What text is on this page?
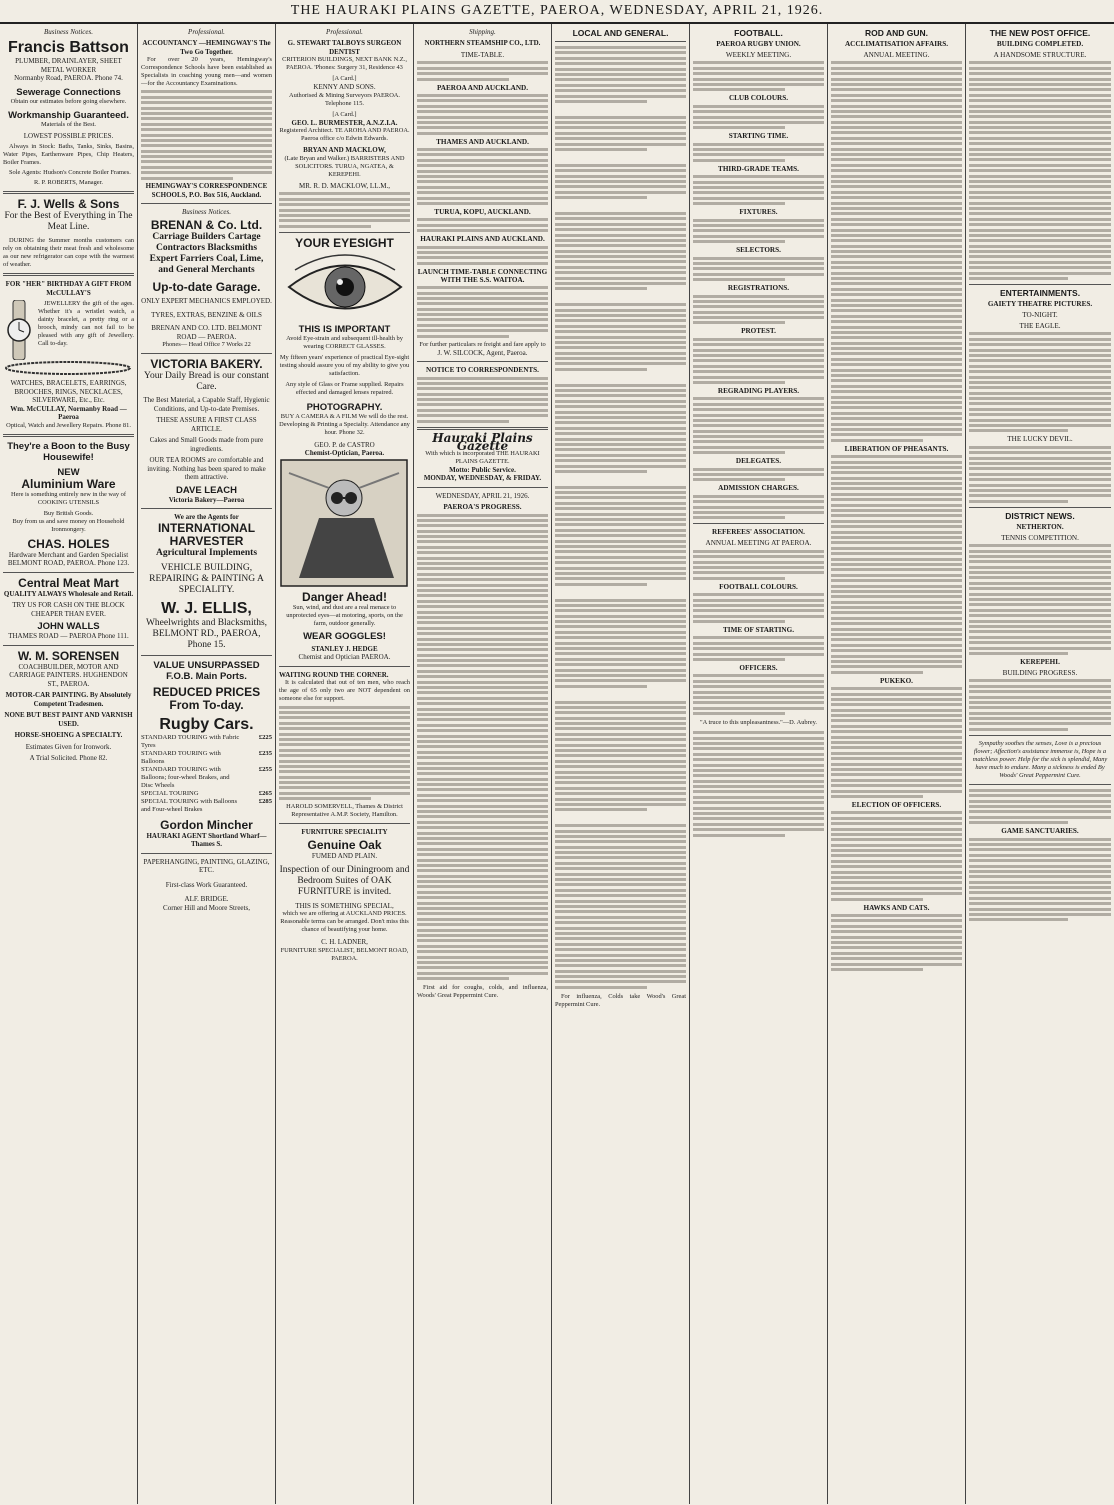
THE HAURAKI PLAINS GAZETTE, PAEROA, WEDNESDAY, APRIL 21, 1926.
Business Notices.
Francis Battson
PLUMBER, DRAINLAYER, SHEET METAL WORKER
Normanby Road, PAEROA. Phone 74.
Sewerage Connections
Obtain our estimates before going elsewhere.
Workmanship Guaranteed.
Materials of the Best.
LOWEST POSSIBLE PRICES.
Always in Stock: Baths, Tanks, Sinks, Basins, Water Pipes, Earthenware Pipes, Chip Heaters, Boiler Frames.
Sole Agents: Hudson's Concrete Boiler Frames.
R. P. ROBERTS, Manager.
F. J. Wells & Sons
For the Best of Everything in The Meat Line.
DURING the Summer months customers can rely on obtaining their meat fresh and wholesome as our new refrigerator can cope with the warmest of weather.
FOR "HER" BIRTHDAY A GIFT FROM McCULLAY'S
JEWELLERY the gift of the ages. Whether it's a wristlet watch, a dainty bracelet, a pretty ring or a brooch, mindy can not fail to be pleased with any gift of Jewellery. Call to-day.
WATCHES, BRACELETS, EARRINGS, BROOCHES, RINGS, NECKLACES, SILVERWARE, Etc., Etc.
Wm. McCULLAY, Normanby Road — Paeroa
Optical, Watch and Jewellery Repairs. Phone 81.
They're a Boon to the Busy Housewife!
NEW
Aluminium Ware
Here is something entirely new in the way of COOKING UTENSILS
Buy British Goods.
Buy from us and save money on Household Ironmongery.
CHAS. HOLES
Hardware Merchant and Garden Specialist
BELMONT ROAD, PAEROA. Phone 123.
Central Meat Mart
QUALITY ALWAYS Wholesale and Retail.
TRY US FOR CASH ON THE BLOCK CHEAPER THAN EVER.
JOHN WALLS
THAMES ROAD — PAEROA Phone 111.
W. M. SORENSEN
COACHBUILDER, MOTOR AND CARRIAGE PAINTERS. HUGHENDON ST., PAEROA.
MOTOR-CAR PAINTING. By Absolutely Competent Tradesmen.
NONE BUT BEST PAINT AND VARNISH USED.
HORSE-SHOEING A SPECIALTY.
Estimates Given for Ironwork.
A Trial Solicited. Phone 82.
Professional.
ACCOUNTANCY —HEMINGWAY'S The Two Go Together.
For over 20 years, Hemingway's Correspondence Schools have been established as Specialists in coaching young men—and women—for the Accountancy Examinations.
HEMINGWAY'S CORRESPONDENCE SCHOOLS, P.O. Box 516, Auckland.
Business Notices.
BRENAN & Co. Ltd.
Carriage Builders Cartage Contractors Blacksmiths Expert Farriers Coal, Lime, and General Merchants
Up-to-date Garage.
ONLY EXPERT MECHANICS EMPLOYED.
TYRES, EXTRAS, BENZINE & OILS
BRENAN AND CO. LTD. BELMONT ROAD — PAEROA.
Phones— Head Office 7 Works 22
VICTORIA BAKERY.
Your Daily Bread is our constant Care.
The Best Material, a Capable Staff, Hygienic Conditions, and Up-to-date Premises.
THESE ASSURE A FIRST CLASS ARTICLE.
Cakes and Small Goods made from pure ingredients.
OUR TEA ROOMS are comfortable and inviting. Nothing has been spared to make them attractive.
DAVE LEACH
Victoria Bakery—Paeroa
We are the Agents for
INTERNATIONAL HARVESTER
Agricultural Implements
VEHICLE BUILDING, REPAIRING & PAINTING A SPECIALITY.
W. J. ELLIS,
Wheelwrights and Blacksmiths, BELMONT RD., PAEROA, Phone 15.
VALUE UNSURPASSED F.O.B. Main Ports.
REDUCED PRICES From To-day.
Rugby Cars.
STANDARD TOURING with Fabric Tyres
£225
STANDARD TOURING with Balloons
£235
STANDARD TOURING with Balloons; four-wheel Brakes, and Disc Wheels
£255
SPECIAL TOURING	£265
SPECIAL TOURING with Balloons and Four-wheel Brakes
£285
Gordon Mincher
HAURAKI AGENT Shortland Wharf—Thames S.
PAPERHANGING, PAINTING, GLAZING, ETC.
First-class Work Guaranteed.
ALF. BRIDGE.
Corner Hill and Moore Streets,
Professional.
G. STEWART TALBOYS SURGEON DENTIST
CRITERION BUILDINGS, NEXT BANK N.Z., PAEROA. 'Phones: Surgery 31, Residence 43
[A Card.]
KENNY AND SONS.
Authorised & Mining Surveyors PAEROA. Telephone 115.
[A Card.]
GEO. L. BURMESTER, A.N.Z.I.A.
Registered Architect. TE AROHA AND PAEROA. Paeroa office c/o Edwin Edwards.
BRYAN AND MACKLOW,
(Late Bryan and Walker.) BARRISTERS AND SOLICITORS. TURUA, NGATEA, & KEREPEHI.
MR. R. D. MACKLOW, LL.M.,
YOUR EYESIGHT
THIS IS IMPORTANT
Avoid Eye-strain and subsequent ill-health by wearing CORRECT GLASSES.
My fifteen years' experience of practical Eye-sight testing should assure you of my ability to give you satisfaction.
Any style of Glass or Frame supplied. Repairs effected and damaged lenses repaired.
PHOTOGRAPHY.
BUY A CAMERA & A FILM We will do the rest. Developing & Printing a Specialty. Attendance any hour. Phone 32.
GEO. P. de CASTRO
Chemist-Optician, Paeroa.
Danger Ahead!
Sun, wind, and dust are a real menace to unprotected eyes—at motoring, sports, on the farm, outdoor generally.
WEAR GOGGLES!
STANLEY J. HEDGE
Chemist and Optician PAEROA.
WAITING ROUND THE CORNER.
It is calculated that out of ten men, who reach the age of 65 only two are NOT dependent on someone else for support.
HAROLD SOMERVELL, Thames & District Representative A.M.P. Society, Hamilton.
FURNITURE SPECIALITY
Genuine Oak
FUMED AND PLAIN.
Inspection of our Diningroom and Bedroom Suites of OAK FURNITURE is invited.
THIS IS SOMETHING SPECIAL,
which we are offering at AUCKLAND PRICES. Reasonable terms can be arranged. Don't miss this chance of beautifying your home.
C. H. LADNER,
FURNITURE SPECIALIST, BELMONT ROAD, PAEROA.
Shipping.
NORTHERN STEAMSHIP CO., LTD.
TIME-TABLE.
PAEROA AND AUCKLAND.
THAMES AND AUCKLAND.
TURUA, KOPU, AUCKLAND.
HAURAKI PLAINS AND AUCKLAND.
LAUNCH TIME-TABLE CONNECTING WITH THE S.S. WAITOA.
For further particulars re freight and fare apply to
J. W. SILCOCK, Agent, Paeroa.
NOTICE TO CORRESPONDENTS.
Hauraki Plains Gazette
With which is incorporated THE HAURAKI PLAINS GAZETTE.
Motto: Public Service.
MONDAY, WEDNESDAY, & FRIDAY.
WEDNESDAY, APRIL 21, 1926.
PAEROA'S PROGRESS.
First aid for coughs, colds, and influenza, Woods' Great Peppermint Cure.
LOCAL AND GENERAL.

For influenza, Colds take Wood's Great Peppermint Cure.
FOOTBALL.
PAEROA RUGBY UNION.
WEEKLY MEETING.
CLUB COLOURS.
STARTING TIME.
THIRD-GRADE TEAMS.
FIXTURES.
SELECTORS.
REGISTRATIONS.
PROTEST.
REGRADING PLAYERS.
DELEGATES.
ADMISSION CHARGES.
REFEREES' ASSOCIATION.
ANNUAL MEETING AT PAEROA.
FOOTBALL COLOURS.
TIME OF STARTING.
OFFICERS.
"A truce to this unpleasantness."—D. Aubrey.
ROD AND GUN.
ACCLIMATISATION AFFAIRS.
ANNUAL MEETING.
LIBERATION OF PHEASANTS.
PUKEKO.
ELECTION OF OFFICERS.
HAWKS AND CATS.
THE NEW POST OFFICE.
BUILDING COMPLETED.
A HANDSOME STRUCTURE.
ENTERTAINMENTS.
GAIETY THEATRE PICTURES.
TO-NIGHT.
THE EAGLE.
THE LUCKY DEVIL.
DISTRICT NEWS.
NETHERTON.
TENNIS COMPETITION.
KEREPEHI.
BUILDING PROGRESS.
Sympathy soothes the senses, Love is a precious flower; Affection's assistance immense is, Hope is a matchless power. Help for the sick is splendid, Many have much to endure. Many a sickness is ended By Woods' Great Peppermint Cure.
GAME SANCTUARIES.
